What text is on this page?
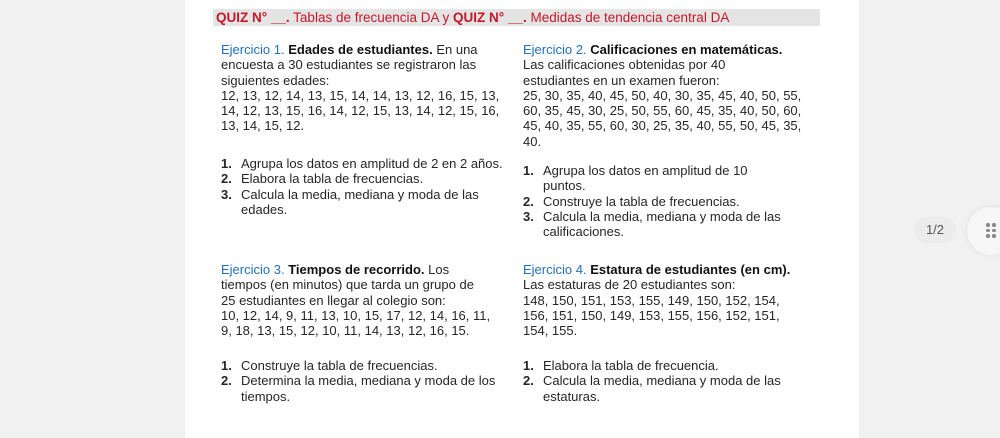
QUIZ N° __. Tablas de frecuencia DA y QUIZ N° __. Medidas de tendencia central DA
Ejercicio 1. Edades de estudiantes. En una
encuesta a 30 estudiantes se registraron las
siguientes edades:
12, 13, 12, 14, 13, 15, 14, 14, 13, 12, 16, 15, 13,
14, 12, 13, 15, 16, 14, 12, 15, 13, 14, 12, 15, 16,
13, 14, 15, 12.
1. Agrupa los datos en amplitud de 2 en 2 años.
2. Elabora la tabla de frecuencias.
3. Calcula la media, mediana y moda de las edades.
Ejercicio 2. Calificaciones en matemáticas.
Las calificaciones obtenidas por 40
estudiantes en un examen fueron:
25, 30, 35, 40, 45, 50, 40, 30, 35, 45, 40, 50, 55,
60, 35, 45, 30, 25, 50, 55, 60, 45, 35, 40, 50, 60,
45, 40, 35, 55, 60, 30, 25, 35, 40, 55, 50, 45, 35,
40.
1. Agrupa los datos en amplitud de 10 puntos.
2. Construye la tabla de frecuencias.
3. Calcula la media, mediana y moda de las calificaciones.
Ejercicio 3. Tiempos de recorrido. Los
tiempos (en minutos) que tarda un grupo de
25 estudiantes en llegar al colegio son:
10, 12, 14, 9, 11, 13, 10, 15, 17, 12, 14, 16, 11,
9, 18, 13, 15, 12, 10, 11, 14, 13, 12, 16, 15.
1. Construye la tabla de frecuencias.
2. Determina la media, mediana y moda de los tiempos.
Ejercicio 4. Estatura de estudiantes (en cm).
Las estaturas de 20 estudiantes son:
148, 150, 151, 153, 155, 149, 150, 152, 154,
156, 151, 150, 149, 153, 155, 156, 152, 151,
154, 155.
1. Elabora la tabla de frecuencia.
2. Calcula la media, mediana y moda de las estaturas.
1/2
